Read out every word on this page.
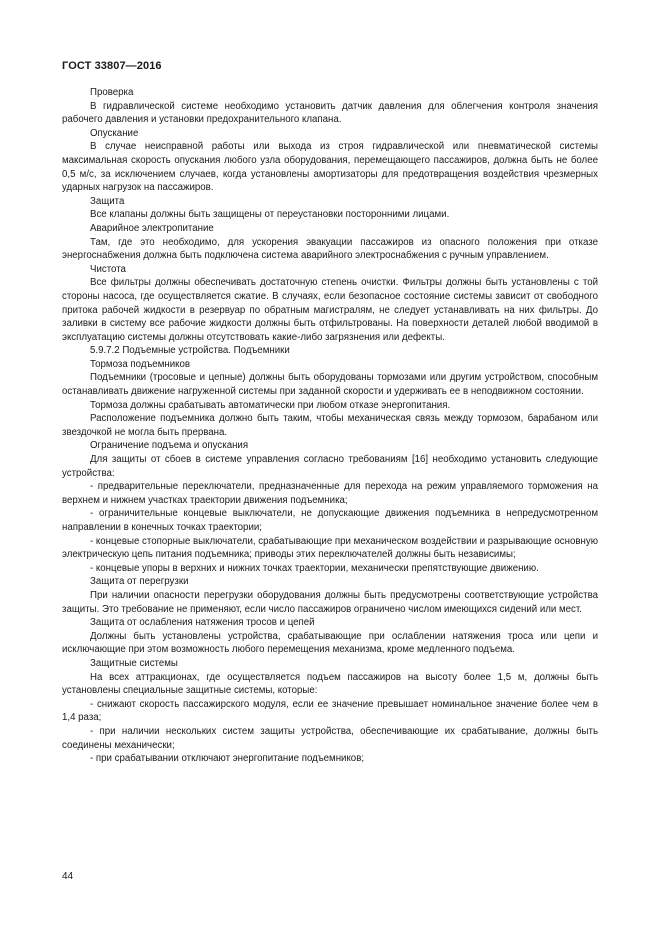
ГОСТ 33807—2016

Проверка

В гидравлической системе необходимо установить датчик давления для облегчения контроля значения рабочего давления и установки предохранительного клапана.

Опускание

В случае неисправной работы или выхода из строя гидравлической или пневматической системы максимальная скорость опускания любого узла оборудования, перемещающего пассажиров, должна быть не более 0,5 м/с, за исключением случаев, когда установлены амортизаторы для предотвращения воздействия чрезмерных ударных нагрузок на пассажиров.

Защита

Все клапаны должны быть защищены от переустановки посторонними лицами.

Аварийное электропитание

Там, где это необходимо, для ускорения эвакуации пассажиров из опасного положения при отказе энергоснабжения должна быть подключена система аварийного электроснабжения с ручным управлением.

Чистота

Все фильтры должны обеспечивать достаточную степень очистки. Фильтры должны быть установлены с той стороны насоса, где осуществляется сжатие. В случаях, если безопасное состояние системы зависит от свободного притока рабочей жидкости в резервуар по обратным магистралям, не следует устанавливать на них фильтры. До заливки в систему все рабочие жидкости должны быть отфильтрованы. На поверхности деталей любой вводимой в эксплуатацию системы должны отсутствовать какие-либо загрязнения или дефекты.

5.9.7.2 Подъемные устройства. Подъемники

Тормоза подъемников

Подъемники (тросовые и цепные) должны быть оборудованы тормозами или другим устройством, способным останавливать движение нагруженной системы при заданной скорости и удерживать ее в неподвижном состоянии.

Тормоза должны срабатывать автоматически при любом отказе энергопитания.

Расположение подъемника должно быть таким, чтобы механическая связь между тормозом, барабаном или звездочкой не могла быть прервана.

Ограничение подъема и опускания

Для защиты от сбоев в системе управления согласно требованиям [16] необходимо установить следующие устройства:

- предварительные переключатели, предназначенные для перехода на режим управляемого торможения на верхнем и нижнем участках траектории движения подъемника;

- ограничительные концевые выключатели, не допускающие движения подъемника в непредусмотренном направлении в конечных точках траектории;

- концевые стопорные выключатели, срабатывающие при механическом воздействии и разрывающие основную электрическую цепь питания подъемника; приводы этих переключателей должны быть независимы;

- концевые упоры в верхних и нижних точках траектории, механически препятствующие движению.

Защита от перегрузки

При наличии опасности перегрузки оборудования должны быть предусмотрены соответствующие устройства защиты. Это требование не применяют, если число пассажиров ограничено числом имеющихся сидений или мест.

Защита от ослабления натяжения тросов и цепей

Должны быть установлены устройства, срабатывающие при ослаблении натяжения троса или цепи и исключающие при этом возможность любого перемещения механизма, кроме медленного подъема.

Защитные системы

На всех аттракционах, где осуществляется подъем пассажиров на высоту более 1,5 м, должны быть установлены специальные защитные системы, которые:

- снижают скорость пассажирского модуля, если ее значение превышает номинальное значение более чем в 1,4 раза;

- при наличии нескольких систем защиты устройства, обеспечивающие их срабатывание, должны быть соединены механически;

- при срабатывании отключают энергопитание подъемников;

44
